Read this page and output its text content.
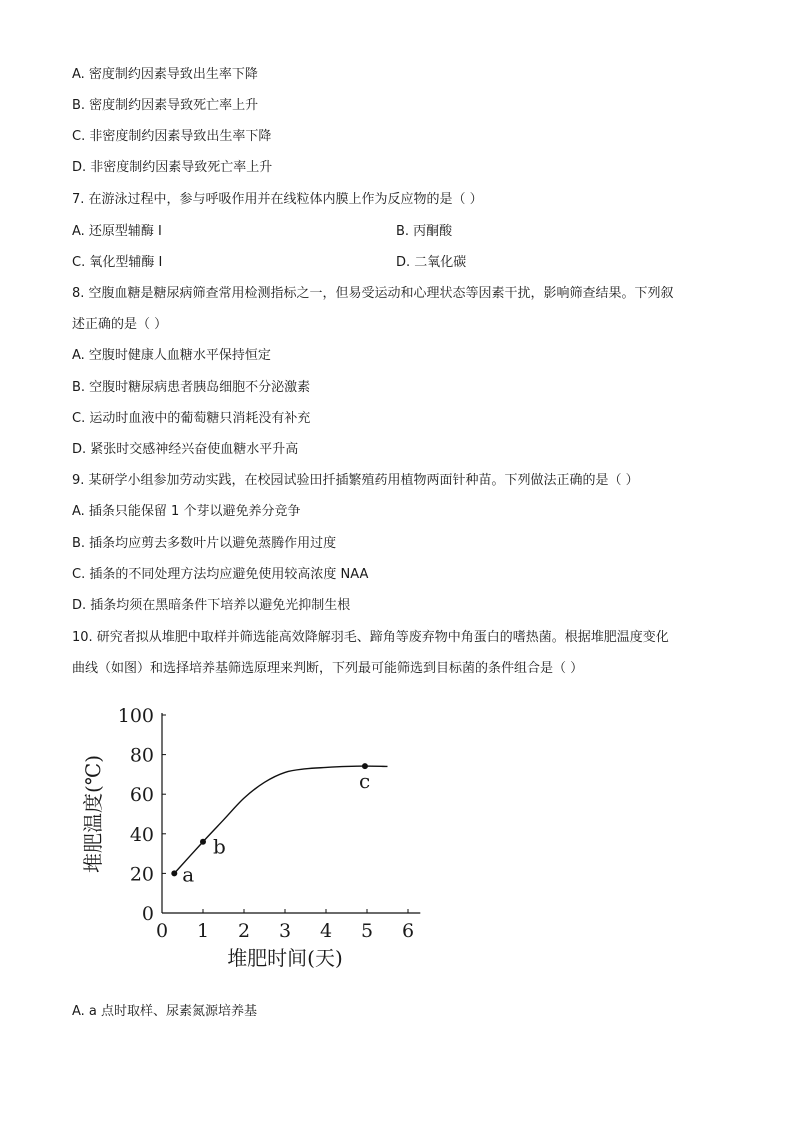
A. 密度制约因素导致出生率下降
B. 密度制约因素导致死亡率上升
C. 非密度制约因素导致出生率下降
D. 非密度制约因素导致死亡率上升
7. 在游泳过程中，参与呼吸作用并在线粒体内膜上作为反应物的是（ ）
A. 还原型辅酶 I	B. 丙酮酸
C. 氧化型辅酶 I	D. 二氧化碳
8. 空腹血糖是糖尿病筛查常用检测指标之一，但易受运动和心理状态等因素干扰，影响筛查结果。下列叙
述正确的是（ ）
A. 空腹时健康人血糖水平保持恒定
B. 空腹时糖尿病患者胰岛细胞不分泌激素
C. 运动时血液中的葡萄糖只消耗没有补充
D. 紧张时交感神经兴奋使血糖水平升高
9. 某研学小组参加劳动实践，在校园试验田扦插繁殖药用植物两面针种苗。下列做法正确的是（ ）
A. 插条只能保留 1 个芽以避免养分竞争
B. 插条均应剪去多数叶片以避免蒸腾作用过度
C. 插条的不同处理方法均应避免使用较高浓度 NAA
D. 插条均须在黑暗条件下培养以避免光抑制生根
10. 研究者拟从堆肥中取样并筛选能高效降解羽毛、蹄角等废弃物中角蛋白的嗜热菌。根据堆肥温度变化
曲线（如图）和选择培养基筛选原理来判断，下列最可能筛选到目标菌的条件组合是（ ）
0 1 2 3 4 5 6
0
20
40
60
80
100
a
b
c
堆肥时间(天)
堆肥温度(℃)
A. a 点时取样、尿素氮源培养基
